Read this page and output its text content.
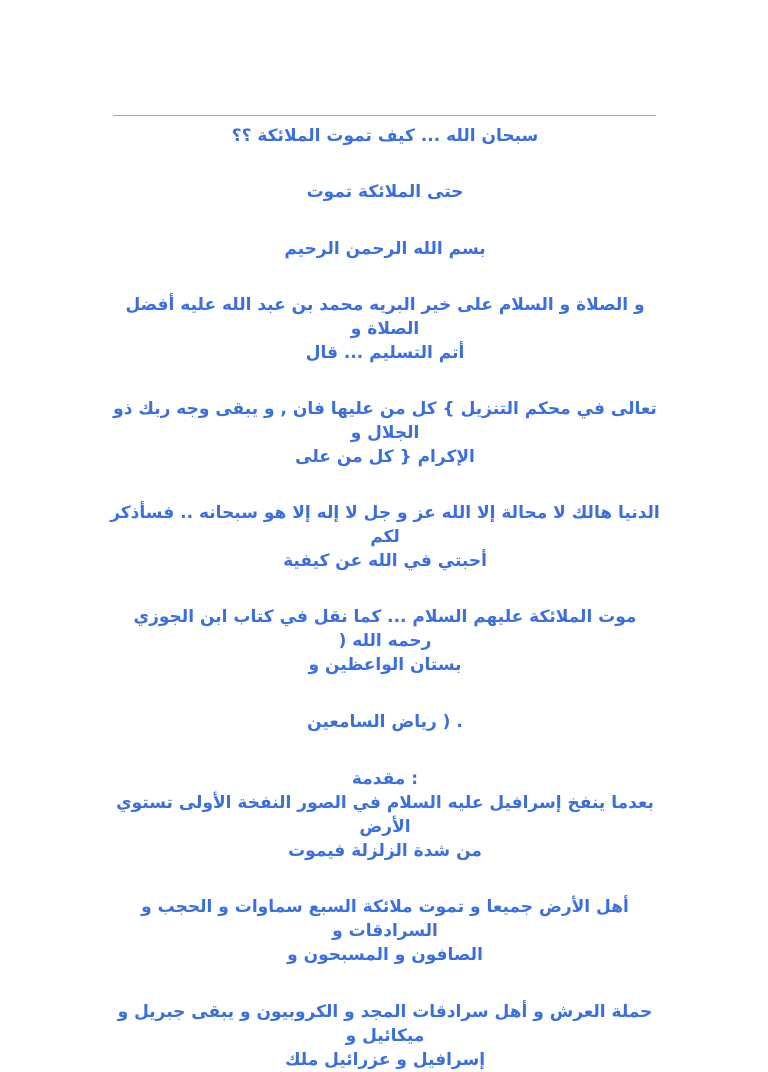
سبحان الله ... كيف تموت الملائكة ؟؟

حتى الملائكة تموت

بسم الله الرحمن الرحيم

و الصلاة و السلام على خير البريه محمد بن عبد الله عليه أفضل الصلاة و
أتم التسليم ... قال

تعالى في محكم التنزيل } كل من عليها فان , و يبقى وجه ربك ذو الجلال و
الإكرام { كل من على

الدنيا هالك لا محالة إلا الله عز و جل لا إله إلا هو سبحانه .. فسأذكر لكم
أحبتي في الله عن كيفية

موت الملائكة عليهم السلام ... كما نقل في كتاب ابن الجوزي رحمه الله (
بستان الواعظين و

. ( رياض السامعين

: مقدمة

بعدما ينفخ إسرافيل عليه السلام في الصور النفخة الأولى تستوي الأرض
من شدة الزلزلة فيموت

أهل الأرض جميعا و تموت ملائكة السبع سماوات و الحجب و السرادقات و
الصافون و المسبحون و

حملة العرش و أهل سرادقات المجد و الكروبيون و يبقى جبريل و ميكائيل و
إسرافيل و عزرائيل ملك
